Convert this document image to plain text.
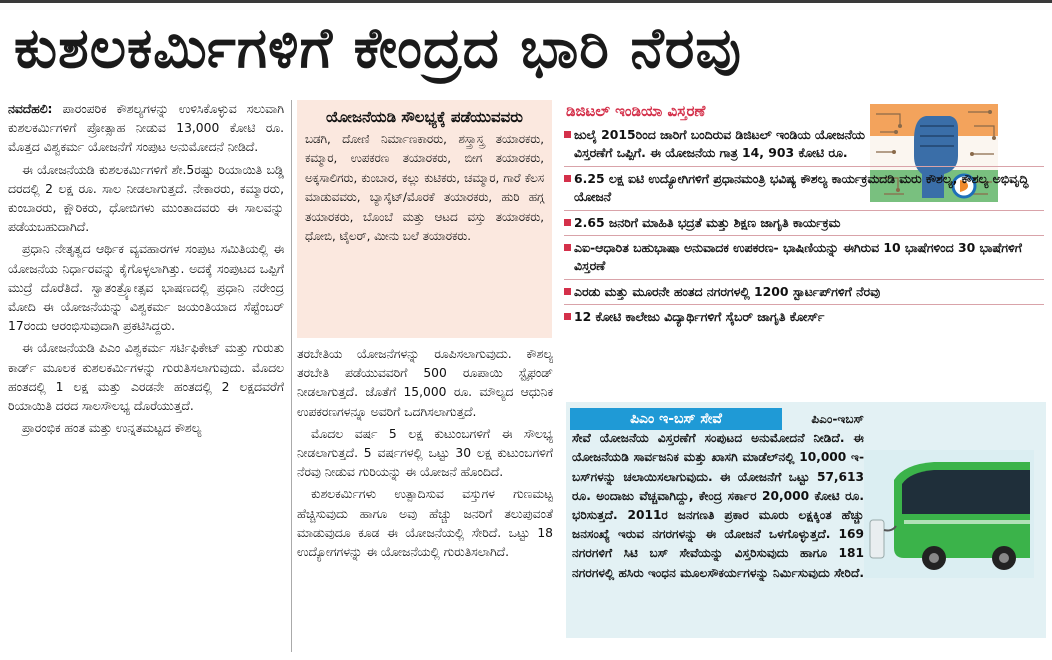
ಕುಶಲಕರ್ಮಿಗಳಿಗೆ ಕೇಂದ್ರದ ಭಾರಿ ನೆರವು

ನವದೆಹಲಿ: ಪಾರಂಪರಿಕ ಕೌಶಲ್ಯಗಳನ್ನು ಉಳಿಸಿಕೊಳ್ಳುವ ಸಲುವಾಗಿ ಕುಶಲಕರ್ಮಿಗಳಿಗೆ ಪ್ರೋತ್ಸಾಹ ನೀಡುವ 13,000 ಕೋಟಿ ರೂ. ಮೊತ್ತದ ವಿಶ್ವಕರ್ಮ ಯೋಜನೆಗೆ ಸಂಪುಟ ಅನುಮೋದನೆ ನೀಡಿದೆ.

ಈ ಯೋಜನೆಯಡಿ ಕುಶಲಕರ್ಮಿಗಳಿಗೆ ಶೇ.5ರಷ್ಟು ರಿಯಾಯಿತಿ ಬಡ್ಡಿ ದರದಲ್ಲಿ 2 ಲಕ್ಷ ರೂ. ಸಾಲ ನೀಡಲಾಗುತ್ತದೆ. ನೇಕಾರರು, ಕಮ್ಮಾರರು, ಕುಂಬಾರರು, ಕ್ಷೌರಿಕರು, ಧೋಬಿಗಳು ಮುಂತಾದವರು ಈ ಸಾಲವನ್ನು ಪಡೆಯಬಹುದಾಗಿದೆ.

ಪ್ರಧಾನಿ ನೇತೃತ್ವದ ಆರ್ಥಿಕ ವ್ಯವಹಾರಗಳ ಸಂಪುಟ ಸಮಿತಿಯಲ್ಲಿ ಈ ಯೋಜನೆಯ ನಿರ್ಧಾರವನ್ನು ಕೈಗೊಳ್ಳಲಾಗಿತ್ತು. ಅದಕ್ಕೆ ಸಂಪುಟದ ಒಪ್ಪಿಗೆ ಮುದ್ರೆ ದೊರೆತಿದೆ. ಸ್ವಾತಂತ್ರ್ಯೋತ್ಸವ ಭಾಷಣದಲ್ಲಿ ಪ್ರಧಾನಿ ನರೇಂದ್ರ ಮೋದಿ ಈ ಯೋಜನೆಯನ್ನು ವಿಶ್ವಕರ್ಮ ಜಯಂತಿಯಾದ ಸೆಪ್ಟೆಂಬರ್ 17ರಂದು ಆರಂಭಿಸುವುದಾಗಿ ಪ್ರಕಟಿಸಿದ್ದರು.

ಈ ಯೋಜನೆಯಡಿ ಪಿಎಂ ವಿಶ್ವಕರ್ಮ ಸರ್ಟಿಫಿಕೇಟ್ ಮತ್ತು ಗುರುತು ಕಾರ್ಡ್ ಮೂಲಕ ಕುಶಲಕರ್ಮಿಗಳನ್ನು ಗುರುತಿಸಲಾಗುವುದು. ಮೊದಲ ಹಂತದಲ್ಲಿ 1 ಲಕ್ಷ ಮತ್ತು ಎರಡನೇ ಹಂತದಲ್ಲಿ 2 ಲಕ್ಷದವರೆಗೆ ರಿಯಾಯಿತಿ ದರದ ಸಾಲಸೌಲಭ್ಯ ದೊರೆಯುತ್ತದೆ.

ಪ್ರಾರಂಭಿಕ ಹಂತ ಮತ್ತು ಉನ್ನತಮಟ್ಟದ ಕೌಶಲ್ಯ

ಯೋಜನೆಯಡಿ ಸೌಲಭ್ಯಕ್ಕೆ ಪಡೆಯುವವರು
ಬಡಗಿ, ದೋಣಿ ನಿರ್ಮಾಣಕಾರರು, ಶಸ್ತ್ರಾಸ್ತ್ರ ತಯಾರಕರು, ಕಮ್ಮಾರ, ಉಪಕರಣ ತಯಾರಕರು, ಬೀಗ ತಯಾರಕರು, ಅಕ್ಕಸಾಲಿಗರು, ಕುಂಬಾರ, ಕಲ್ಲು ಕುಟಿಕರು, ಚಮ್ಮಾರ, ಗಾರೆ ಕೆಲಸ ಮಾಡುವವರು, ಬ್ಯಾಸ್ಕೆಟ್/ಮೊರಕೆ ತಯಾರಕರು, ಹುರಿ ಹಗ್ಗ ತಯಾರಕರು, ಬೊಂಬೆ ಮತ್ತು ಆಟದ ವಸ್ತು ತಯಾರಕರು, ಧೋಬಿ, ಟೈಲರ್, ಮೀನು ಬಲೆ ತಯಾರಕರು.

ತರಬೇತಿಯ ಯೋಜನೆಗಳನ್ನು ರೂಪಿಸಲಾಗುವುದು. ಕೌಶಲ್ಯ ತರಬೇತಿ ಪಡೆಯುವವರಿಗೆ 500 ರೂಪಾಯಿ ಸ್ಟೈಫಂಡ್ ನೀಡಲಾಗುತ್ತದೆ. ಜೊತೆಗೆ 15,000 ರೂ. ಮೌಲ್ಯದ ಆಧುನಿಕ ಉಪಕರಣಗಳನ್ನೂ ಅವರಿಗೆ ಒದಗಿಸಲಾಗುತ್ತದೆ.

ಮೊದಲ ವರ್ಷ 5 ಲಕ್ಷ ಕುಟುಂಬಗಳಿಗೆ ಈ ಸೌಲಭ್ಯ ನೀಡಲಾಗುತ್ತದೆ. 5 ವರ್ಷಗಳಲ್ಲಿ ಒಟ್ಟು 30 ಲಕ್ಷ ಕುಟುಂಬಗಳಿಗೆ ನೆರವು ನೀಡುವ ಗುರಿಯನ್ನು ಈ ಯೋಜನೆ ಹೊಂದಿದೆ.

ಕುಶಲಕರ್ಮಿಗಳು ಉತ್ಪಾದಿಸುವ ವಸ್ತುಗಳ ಗುಣಮಟ್ಟ ಹೆಚ್ಚಿಸುವುದು ಹಾಗೂ ಅವು ಹೆಚ್ಚು ಜನರಿಗೆ ತಲುಪುವಂತೆ ಮಾಡುವುದೂ ಕೂಡ ಈ ಯೋಜನೆಯಲ್ಲಿ ಸೇರಿದೆ. ಒಟ್ಟು 18 ಉದ್ಯೋಗಗಳನ್ನು ಈ ಯೋಜನೆಯಲ್ಲಿ ಗುರುತಿಸಲಾಗಿದೆ.

ಡಿಜಿಟಲ್ ಇಂಡಿಯಾ ವಿಸ್ತರಣೆ
ಜುಲೈ 2015ರಿಂದ ಜಾರಿಗೆ ಬಂದಿರುವ ಡಿಜಿಟಲ್ ಇಂಡಿಯ ಯೋಜನೆಯ ವಿಸ್ತರಣೆಗೆ ಒಪ್ಪಿಗೆ. ಈ ಯೋಜನೆಯ ಗಾತ್ರ 14, 903 ಕೋಟಿ ರೂ.
6.25 ಲಕ್ಷ ಐಟಿ ಉದ್ಯೋಗಿಗಳಿಗೆ ಪ್ರಧಾನಮಂತ್ರಿ ಭವಿಷ್ಯ ಕೌಶಲ್ಯ ಕಾರ್ಯಕ್ರಮದಡಿ ಮರು ಕೌಶಲ್ಯ, ಕೌಶಲ್ಯ ಅಭಿವೃದ್ಧಿ ಯೋಜನೆ
2.65 ಜನರಿಗೆ ಮಾಹಿತಿ ಭದ್ರತೆ ಮತ್ತು ಶಿಕ್ಷಣ ಜಾಗೃತಿ ಕಾರ್ಯಕ್ರಮ
ಎಐ-ಆಧಾರಿತ ಬಹುಭಾಷಾ ಅನುವಾದಕ ಉಪಕರಣ- ಭಾಷಿಣಿಯನ್ನು ಈಗಿರುವ 10 ಭಾಷೆಗಳಿಂದ 30 ಭಾಷೆಗಳಿಗೆ ವಿಸ್ತರಣೆ
ಎರಡು ಮತ್ತು ಮೂರನೇ ಹಂತದ ನಗರಗಳಲ್ಲಿ 1200 ಸ್ಟಾರ್ಟಪ್‌ಗಳಿಗೆ ನೆರವು
12 ಕೋಟಿ ಕಾಲೇಜು ವಿದ್ಯಾರ್ಥಿಗಳಿಗೆ ಸೈಬರ್ ಜಾಗೃತಿ ಕೋರ್ಸ್

ಪಿಎಂ-ಇಬಸ್ ಸೇವೆ ಯೋಜನೆಯ ವಿಸ್ತರಣೆಗೆ ಸಂಪುಟದ ಅನುಮೋದನೆ ನೀಡಿದೆ. ಈ ಯೋಜನೆಯಡಿ ಸಾರ್ವಜನಿಕ ಮತ್ತು ಖಾಸಗಿ ಮಾಡೆಲ್‌ನಲ್ಲಿ 10,000 ಇ-ಬಸ್‌ಗಳನ್ನು ಚಲಾಯಿಸಲಾಗುವುದು. ಈ ಯೋಜನೆಗೆ ಒಟ್ಟು 57,613 ರೂ. ಅಂದಾಜು ವೆಚ್ಚವಾಗಿದ್ದು, ಕೇಂದ್ರ ಸರ್ಕಾರ 20,000 ಕೋಟಿ ರೂ. ಭರಿಸುತ್ತದೆ. 2011ರ ಜನಗಣತಿ ಪ್ರಕಾರ ಮೂರು ಲಕ್ಷಕ್ಕಿಂತ ಹೆಚ್ಚು ಜನಸಂಖ್ಯೆ ಇರುವ ನಗರಗಳನ್ನು ಈ ಯೋಜನೆ ಒಳಗೊಳ್ಳುತ್ತದೆ. 169 ನಗರಗಳಿಗೆ ಸಿಟಿ ಬಸ್ ಸೇವೆಯನ್ನು ವಿಸ್ತರಿಸುವುದು ಹಾಗೂ 181 ನಗರಗಳಲ್ಲಿ ಹಸಿರು ಇಂಧನ ಮೂಲಸೌಕರ್ಯಗಳನ್ನು ನಿರ್ಮಿಸುವುದು ಸೇರಿದೆ.
ಪಿಎಂ ಇ-ಬಸ್ ಸೇವೆ
